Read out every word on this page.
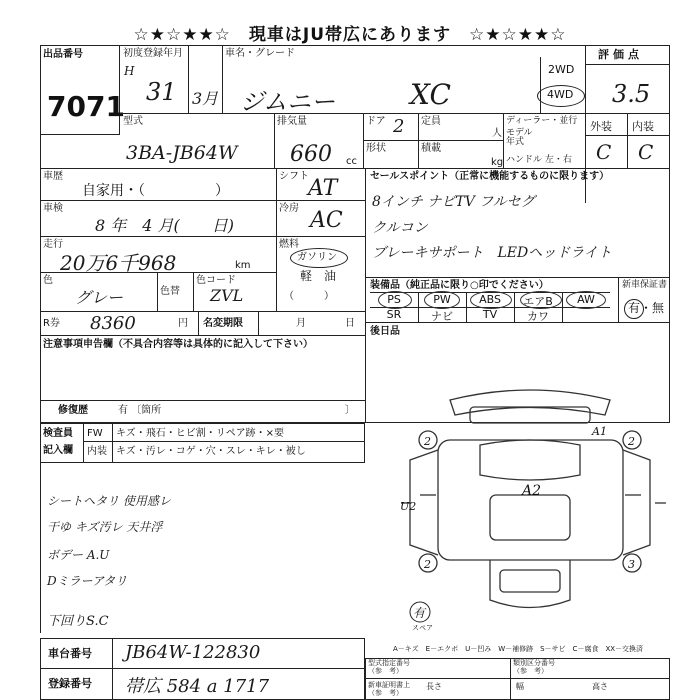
☆★☆★★☆　現車はJU帯広にあります　☆★☆★★☆
出品番号
7071
初度登録年月
H
31 3月
車名・グレード
ジムニー	XC
2WD
4WD
評価点
3.5
型式
3BA-JB64W
排気量
660 cc
ドア 2 定員
人
形状	積載
kg
ディーラー・並行
モデル
年式
ハンドル 左・右
外装 内装
C C
車歴
自家用・（　　　　　）
シフト AT
車検
8 年　4 月(　　日)
冷房 AC
走行
20万6千968	km
燃料
ガソリン
軽　油
（　　　）
色
グレー	色替
色コード
ZVL
R券 8360	円 名変期限	月	日
注意事項申告欄（不具合内容等は具体的に記入して下さい）
修復歴	有 〔箇所	〕
セールスポイント（正常に機能するものに限ります）
8インチ ナビTV フルセグ
クルコン
ブレーキサポート　LEDヘッドライト
装備品（純正品に限り○印でください）	新車保証書
有・無
PS	PW	ABS	エアB	AW
SR	ナビ	TV	カワ
後日品
検査員
記入欄
FW キズ・飛石・ヒビ割・リペア跡・×要
内装 キズ・汚レ・コゲ・穴・スレ・キレ・被し
シートヘタリ 使用感レ
干ゆ キズ汚レ 天井浮
ボデー A.U
Dミラーアタリ
下回りS.C
A1
A2
U2
2	2
2	3
有
スペア
A－キズ　E－エクボ　U－凹み　W－補修跡　S－サビ　C－腐食　XX－交換済
車台番号 JB64W-122830
登録番号 帯広 584 a 1717
型式指定番号
（参　考）
類別区分番号
（参　考）
新車証明書上
（参　考）
長さ	幅	高さ
